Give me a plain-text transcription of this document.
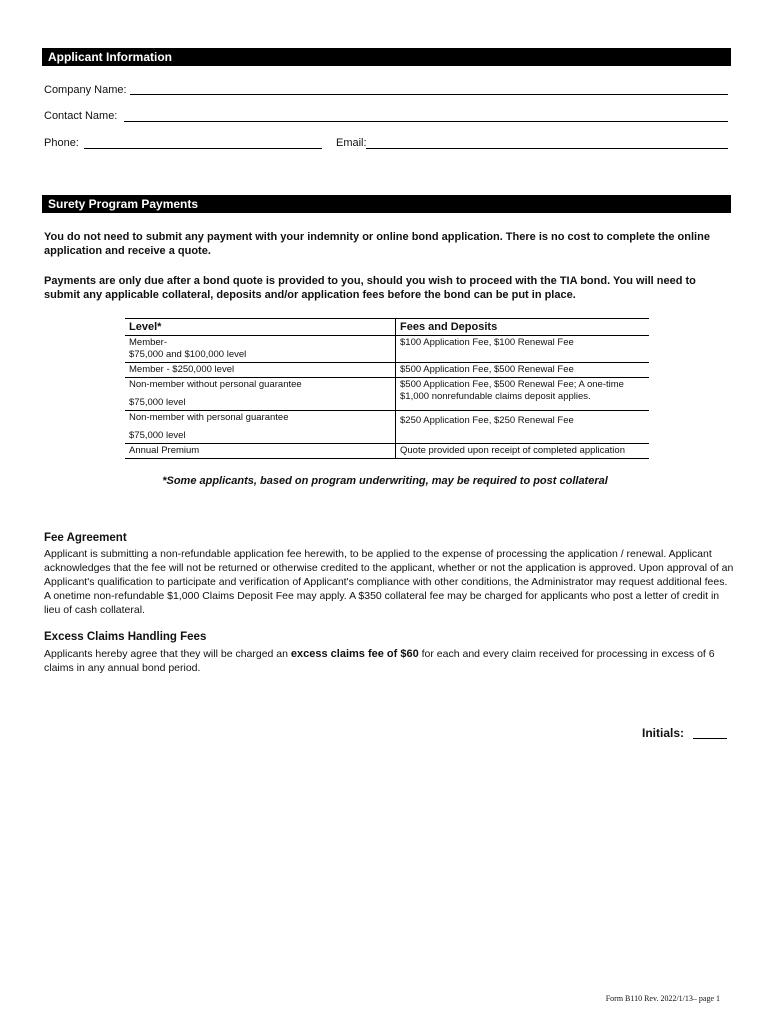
Applicant Information
Company Name:
Contact Name:
Phone:	Email:
Surety Program Payments
You do not need to submit any payment with your indemnity or online bond application. There is no cost to complete the online application and receive a quote.
Payments are only due after a bond quote is provided to you, should you wish to proceed with the TIA bond. You will need to submit any applicable collateral, deposits and/or application fees before the bond can be put in place.
Level*	Fees and Deposits

Member-
$75,000 and $100,000 level	$100 Application Fee, $100 Renewal Fee
Member - $250,000 level	$500 Application Fee, $500 Renewal Fee

Non-member without personal guarantee
$75,000 level	$500 Application Fee, $500 Renewal Fee; A one-time $1,000 nonrefundable claims deposit applies.

Non-member with personal guarantee
$75,000 level	$250 Application Fee, $250 Renewal Fee
Annual Premium	Quote provided upon receipt of completed application
*Some applicants, based on program underwriting, may be required to post collateral
Fee Agreement
Applicant is submitting a non-refundable application fee herewith, to be applied to the expense of processing the application / renewal. Applicant acknowledges that the fee will not be returned or otherwise credited to the applicant, whether or not the application is approved. Upon approval of an Applicant's qualification to participate and verification of Applicant's compliance with other conditions, the Administrator may request additional fees. A onetime non-refundable $1,000 Claims Deposit Fee may apply. A $350 collateral fee may be charged for applicants who post a letter of credit in lieu of cash collateral.
Excess Claims Handling Fees
Applicants hereby agree that they will be charged an excess claims fee of $60 for each and every claim received for processing in excess of 6 claims in any annual bond period.
Initials:
Form B110 Rev. 2022/1/13– page 1
